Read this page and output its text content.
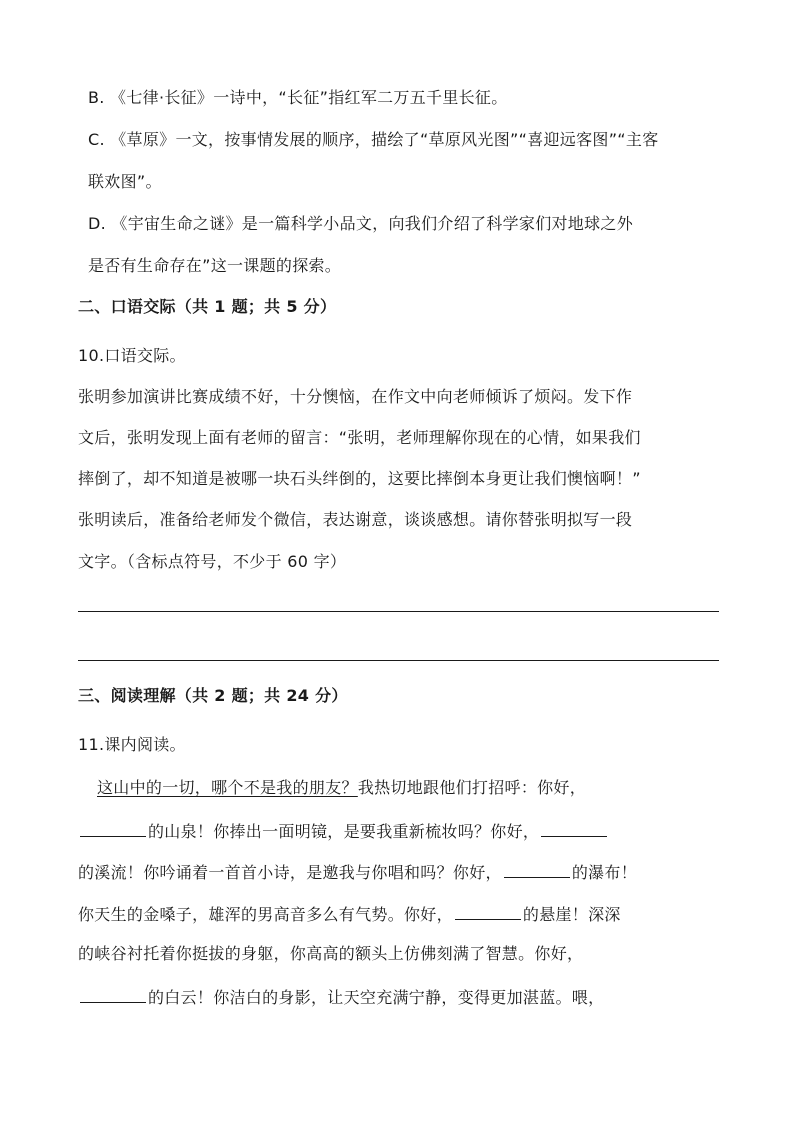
B. 《七律·长征》一诗中，“长征”指红军二万五千里长征。
C. 《草原》一文，按事情发展的顺序，描绘了“草原风光图”“喜迎远客图”“主客
联欢图”。
D. 《宇宙生命之谜》是一篇科学小品文，向我们介绍了科学家们对地球之外
是否有生命存在”这一课题的探索。
二、口语交际（共 1 题；共 5 分）
10.口语交际。
张明参加演讲比赛成绩不好，十分懊恼，在作文中向老师倾诉了烦闷。发下作
文后，张明发现上面有老师的留言：“张明，老师理解你现在的心情，如果我们
摔倒了，却不知道是被哪一块石头绊倒的，这要比摔倒本身更让我们懊恼啊！”
张明读后，准备给老师发个微信，表达谢意，谈谈感想。请你替张明拟写一段
文字。（含标点符号，不少于 60 字）
三、阅读理解（共 2 题；共 24 分）
11.课内阅读。
这山中的一切，哪个不是我的朋友？我热切地跟他们打招呼：你好，
的山泉！你捧出一面明镜，是要我重新梳妆吗？你好，
的溪流！你吟诵着一首首小诗，是邀我与你唱和吗？你好，	的瀑布！
你天生的金嗓子，雄浑的男高音多么有气势。你好，	的悬崖！深深
的峡谷衬托着你挺拔的身躯，你高高的额头上仿佛刻满了智慧。你好，
的白云！你洁白的身影，让天空充满宁静，变得更加湛蓝。喂，
